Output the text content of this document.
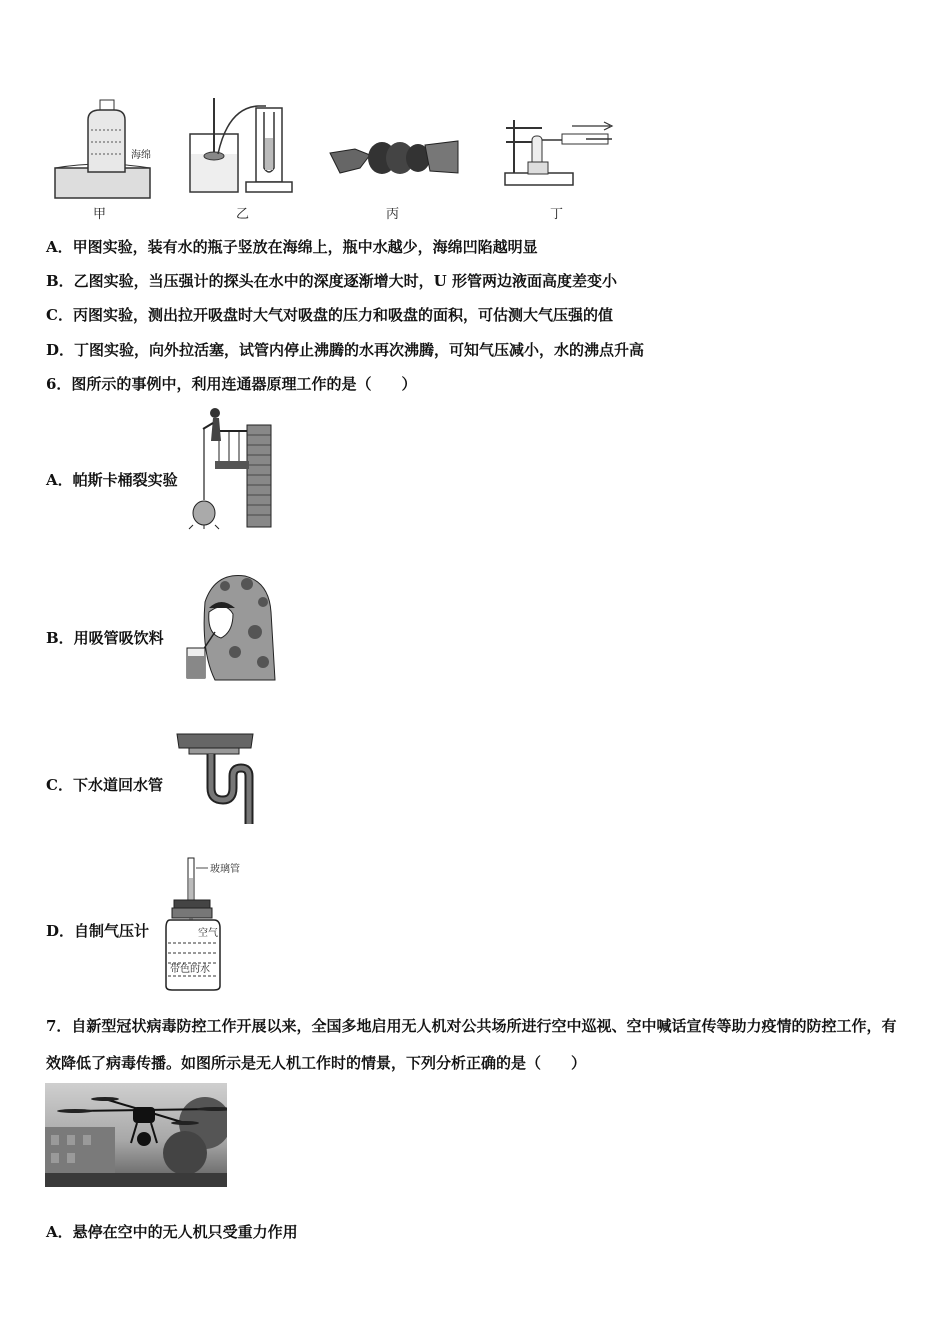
海绵
甲	乙	丙	丁
A．甲图实验，装有水的瓶子竖放在海绵上，瓶中水越少，海绵凹陷越明显
B．乙图实验，当压强计的探头在水中的深度逐渐增大时，U 形管两边液面高度差变小
C．丙图实验，测出拉开吸盘时大气对吸盘的压力和吸盘的面积，可估测大气压强的值
D．丁图实验，向外拉活塞，试管内停止沸腾的水再次沸腾，可知气压减小，水的沸点升高
6．图所示的事例中，利用连通器原理工作的是（　　）
A．帕斯卡桶裂实验
B．用吸管吸饮料
C．下水道回水管
D．自制气压计
玻璃管
空气
带色的水
7．自新型冠状病毒防控工作开展以来，全国多地启用无人机对公共场所进行空中巡视、空中喊话宣传等助力疫情的防控工作，有效降低了病毒传播。如图所示是无人机工作时的情景，下列分析正确的是（　　）
A．悬停在空中的无人机只受重力作用
